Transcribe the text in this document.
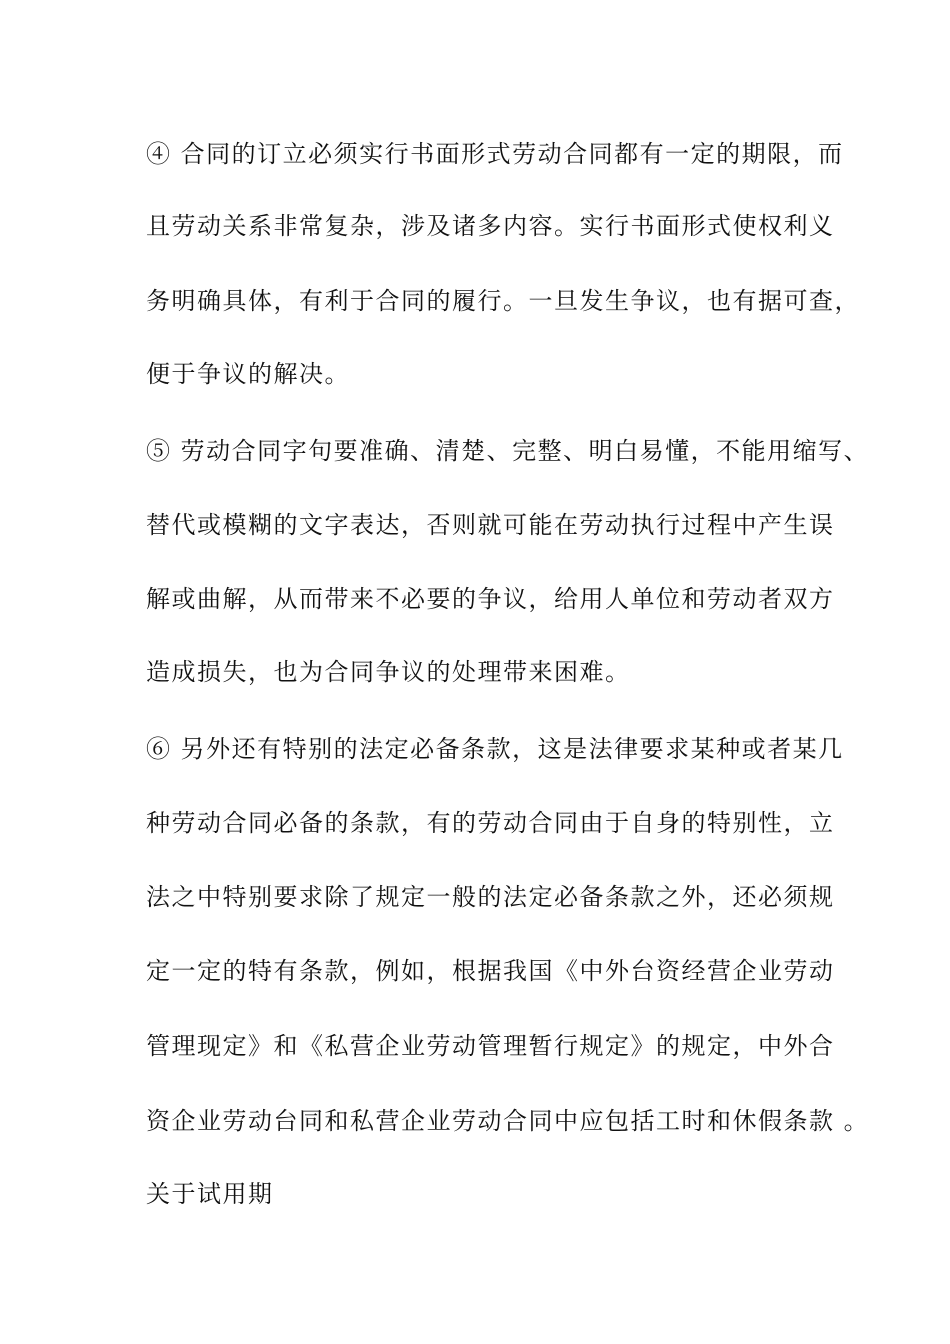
④ 合同的订立必须实行书面形式劳动合同都有一定的期限，而
且劳动关系非常复杂，涉及诸多内容。实行书面形式使权利义
务明确具体，有利于合同的履行。一旦发生争议，也有据可查，
便于争议的解决。
⑤ 劳动合同字句要准确、清楚、完整、明白易懂，不能用缩写、
替代或模糊的文字表达，否则就可能在劳动执行过程中产生误
解或曲解，从而带来不必要的争议，给用人单位和劳动者双方
造成损失，也为合同争议的处理带来困难。
⑥ 另外还有特别的法定必备条款，这是法律要求某种或者某几
种劳动合同必备的条款，有的劳动合同由于自身的特别性，立
法之中特别要求除了规定一般的法定必备条款之外，还必须规
定一定的特有条款，例如，根据我国《中外台资经营企业劳动
管理现定》和《私营企业劳动管理暂行规定》的规定，中外合
资企业劳动台同和私营企业劳动合同中应包括工时和休假条款 。
关于试用期
